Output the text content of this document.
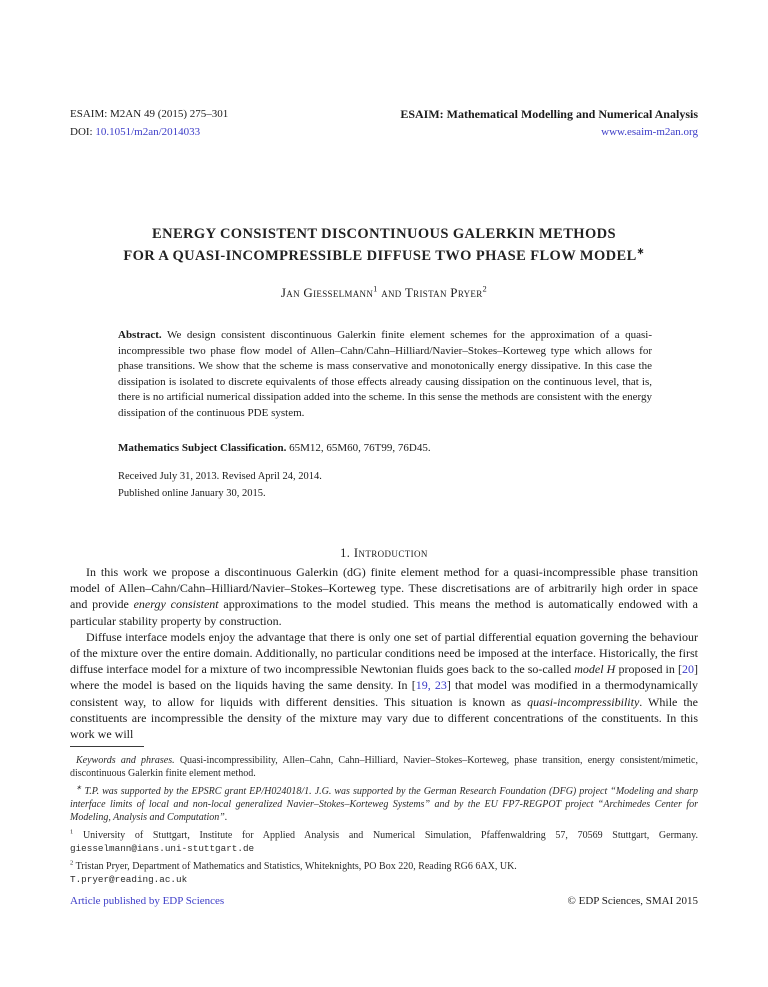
ESAIM: M2AN 49 (2015) 275–301
DOI: 10.1051/m2an/2014033
ESAIM: Mathematical Modelling and Numerical Analysis
www.esaim-m2an.org
ENERGY CONSISTENT DISCONTINUOUS GALERKIN METHODS
FOR A QUASI-INCOMPRESSIBLE DIFFUSE TWO PHASE FLOW MODEL∗
Jan Giesselmann$^1$ and Tristan Pryer$^2$
Abstract. We design consistent discontinuous Galerkin finite element schemes for the approximation of a quasi-incompressible two phase flow model of Allen–Cahn/Cahn–Hilliard/Navier–Stokes–Korteweg type which allows for phase transitions. We show that the scheme is mass conservative and monotonically energy dissipative. In this case the dissipation is isolated to discrete equivalents of those effects already causing dissipation on the continuous level, that is, there is no artificial numerical dissipation added into the scheme. In this sense the methods are consistent with the energy dissipation of the continuous PDE system.
Mathematics Subject Classification. 65M12, 65M60, 76T99, 76D45.
Received July 31, 2013. Revised April 24, 2014.
Published online January 30, 2015.
1. Introduction

In this work we propose a discontinuous Galerkin (dG) finite element method for a quasi-incompressible phase transition model of Allen–Cahn/Cahn–Hilliard/Navier–Stokes–Korteweg type. These discretisations are of arbitrarily high order in space and provide energy consistent approximations to the model studied. This means the method is automatically endowed with a particular stability property by construction.

Diffuse interface models enjoy the advantage that there is only one set of partial differential equation governing the behaviour of the mixture over the entire domain. Additionally, no particular conditions need be imposed at the interface. Historically, the first diffuse interface model for a mixture of two incompressible Newtonian fluids goes back to the so-called model H proposed in [20] where the model is based on the liquids having the same density. In [19, 23] that model was modified in a thermodynamically consistent way, to allow for liquids with different densities. This situation is known as quasi-incompressibility. While the constituents are incompressible the density of the mixture may vary due to different concentrations of the constituents. In this work we will

Keywords and phrases. Quasi-incompressibility, Allen–Cahn, Cahn–Hilliard, Navier–Stokes–Korteweg, phase transition, energy consistent/mimetic, discontinuous Galerkin finite element method.

∗ T.P. was supported by the EPSRC grant EP/H024018/1. J.G. was supported by the German Research Foundation (DFG) project “Modeling and sharp interface limits of local and non-local generalized Navier–Stokes–Korteweg Systems” and by the EU FP7-REGPOT project “Archimedes Center for Modeling, Analysis and Computation”.

$^1$ University of Stuttgart, Institute for Applied Analysis and Numerical Simulation, Pfaffenwaldring 57, 70569 Stuttgart, Germany. giesselmann@ians.uni-stuttgart.de

$^2$ Tristan Pryer, Department of Mathematics and Statistics, Whiteknights, PO Box 220, Reading RG6 6AX, UK.
T.pryer@reading.ac.uk

Article published by EDP Sciences	© EDP Sciences, SMAI 2015
